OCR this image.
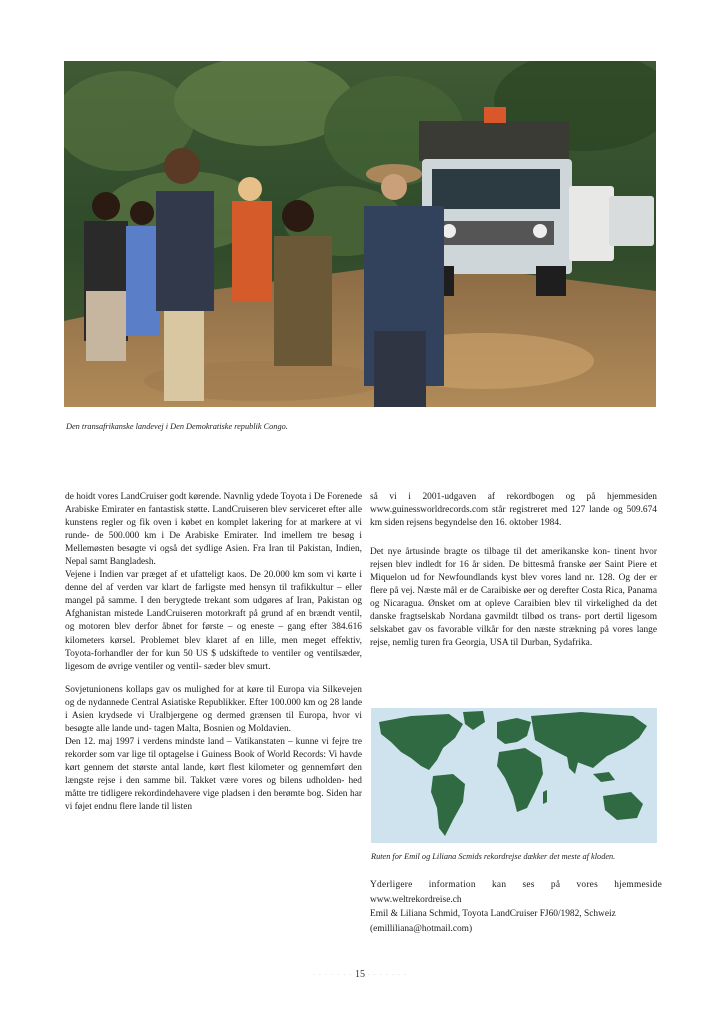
Den transafrikanske landevej i Den Demokratiske republik Congo.

de hoidt vores LandCruiser godt kørende. Navnlig ydede Toyota i De Forenede Arabiske Emirater en fantastisk støtte. LandCruiseren blev serviceret efter alle kunstens regler og fik oven i købet en komplet lakering for at markere at vi runde- de 500.000 km i De Arabiske Emirater. Ind imellem tre besøg i Mellemøsten besøgte vi også det sydlige Asien. Fra Iran til Pakistan, Indien, Nepal samt Bangladesh.

Vejene i Indien var præget af et ufatteligt kaos. De 20.000 km som vi kørte i denne del af verden var klart de farligste med hensyn til trafikkultur – eller mangel på samme. I den berygtede trekant som udgøres af Iran, Pakistan og Afghanistan mistede LandCruiseren motorkraft på grund af en brændt ventil, og motoren blev derfor åbnet for første – og eneste – gang efter 384.616 kilometers kørsel. Problemet blev klaret af en lille, men meget effektiv, Toyota-forhandler der for kun 50 US $ udskiftede to ventiler og ventilsæder, ligesom de øvrige ventiler og ventil- sæder blev smurt.

Sovjetunionens kollaps gav os mulighed for at køre til Europa via Silkevejen og de nydannede Central Asiatiske Republikker. Efter 100.000 km og 28 lande i Asien krydsede vi Uralbjergene og dermed grænsen til Europa, hvor vi besøgte alle lande und- tagen Malta, Bosnien og Moldavien.

Den 12. maj 1997 i verdens mindste land – Vatikanstaten – kunne vi fejre tre rekorder som var lige til optagelse i Guiness Book of World Records: Vi havde kørt gennem det største antal lande, kørt flest kilometer og gennemført den længste rejse i den samme bil. Takket være vores og bilens udholden- hed måtte tre tidligere rekordindehavere vige pladsen i den berømte bog. Siden har vi føjet endnu flere lande til listen

så vi i 2001-udgaven af rekordbogen og på hjemmesiden www.guinessworldrecords.com står registreret med 127 lande og 509.674 km siden rejsens begyndelse den 16. oktober 1984.

Det nye årtusinde bragte os tilbage til det amerikanske kon- tinent hvor rejsen blev indledt for 16 år siden. De bittesmå franske øer Saint Piere et Miquelon ud for Newfoundlands kyst blev vores land nr. 128. Og der er flere på vej. Næste mål er de Caraibiske øer og derefter Costa Rica, Panama og Nicaragua. Ønsket om at opleve Caraibien blev til virkelighed da det danske fragtselskab Nordana gavmildt tilbød os trans- port dertil ligesom selskabet gav os favorable vilkår for den næste strækning på vores lange rejse, nemlig turen fra Georgia, USA til Durban, Sydafrika.

Ruten for Emil og Liliana Scmids rekordrejse dækker det meste af kloden.
Yderligere information kan ses på vores hjemmeside
www.weltrekordreise.ch
Emil & Liliana Schmid, Toyota LandCruiser FJ60/1982, Schweiz
(emilliliana@hotmail.com)
· · · · · · · 15 · · · · · · ·
